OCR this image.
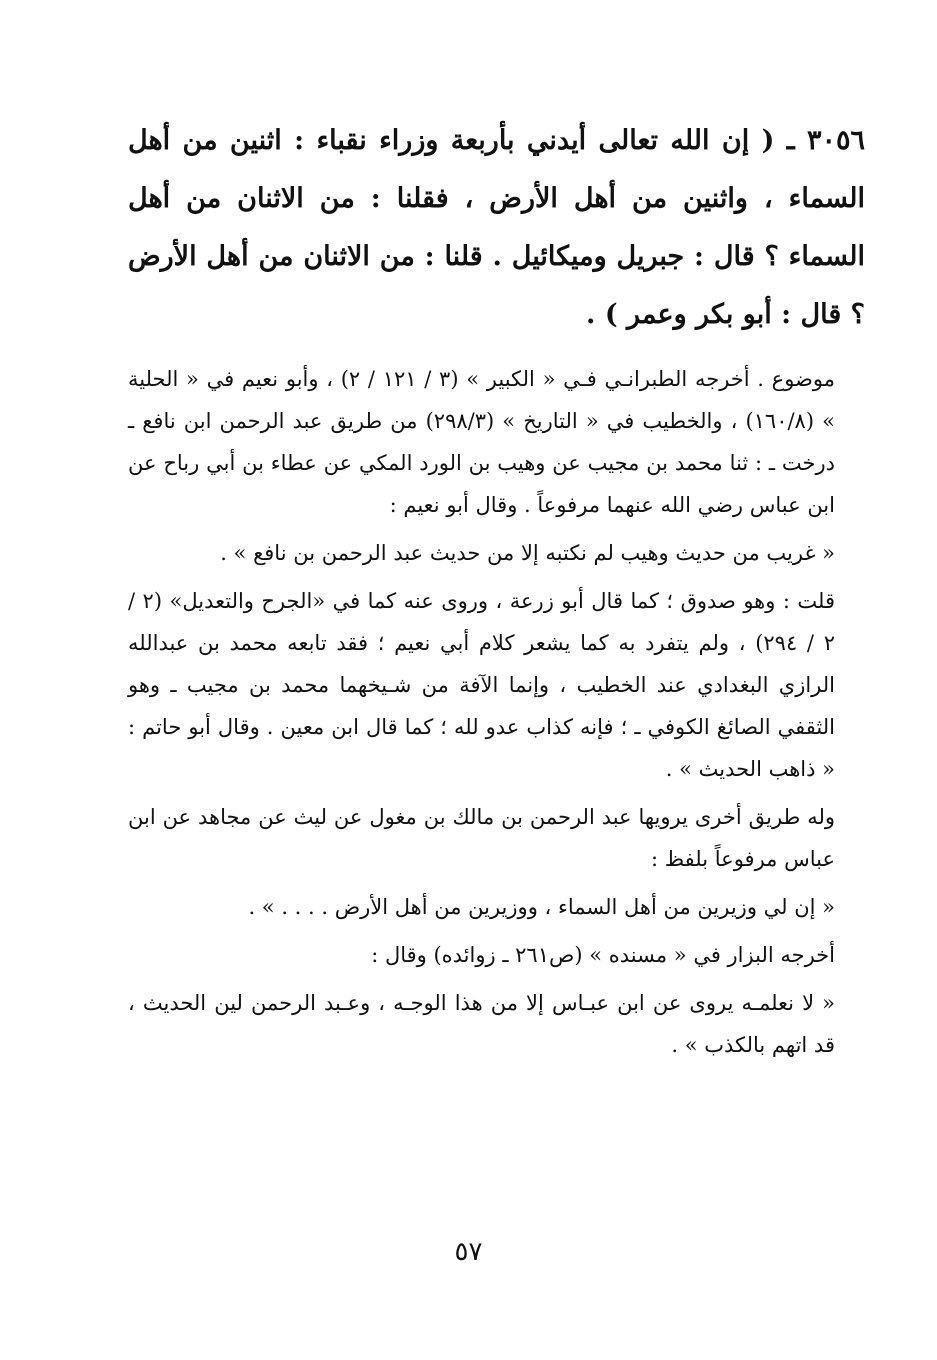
٣٠٥٦ ـ ( إن الله تعالى أيدني بأربعة وزراء نقباء : اثنين من أهل السماء ، واثنين من أهل الأرض ، فقلنا : من الاثنان من أهل السماء ؟ قال : جبريل وميكائيل . قلنا : من الاثنان من أهل الأرض ؟ قال : أبو بكر وعمر ) .

موضوع . أخرجه الطبرانـي فـي « الكبير » (٣ / ١٢١ / ٢) ، وأبو نعيم في « الحلية » (١٦٠/٨) ، والخطيب في « التاريخ » (٢٩٨/٣) من طريق عبد الرحمن ابن نافع ـ درخت ـ : ثنا محمد بن مجيب عن وهيب بن الورد المكي عن عطاء بن أبي رباح عن ابن عباس رضي الله عنهما مرفوعاً . وقال أبو نعيم :

« غريب من حديث وهيب لم نكتبه إلا من حديث عبد الرحمن بن نافع » .

قلت : وهو صدوق ؛ كما قال أبو زرعة ، وروى عنه كما في «الجرح والتعديل» (٢ / ٢ / ٢٩٤) ، ولم يتفرد به كما يشعر كلام أبي نعيم ؛ فقد تابعه محمد بن عبدالله الرازي البغدادي عند الخطيب ، وإنما الآفة من شـيخهما محمد بن مجيب ـ وهو الثقفي الصائغ الكوفي ـ ؛ فإنه كذاب عدو لله ؛ كما قال ابن معين . وقال أبو حاتم : « ذاهب الحديث » .

وله طريق أخرى يرويها عبد الرحمن بن مالك بن مغول عن ليث عن مجاهد عن ابن عباس مرفوعاً بلفظ :

« إن لي وزيرين من أهل السماء ، ووزيرين من أهل الأرض . . . . » .

أخرجه البزار في « مسنده » (ص٢٦١ ـ زوائده) وقال :

« لا نعلمـه يروى عن ابن عبـاس إلا من هذا الوجـه ، وعـبد الرحمن لين الحديث ، قد اتهم بالكذب » .

٥٧
